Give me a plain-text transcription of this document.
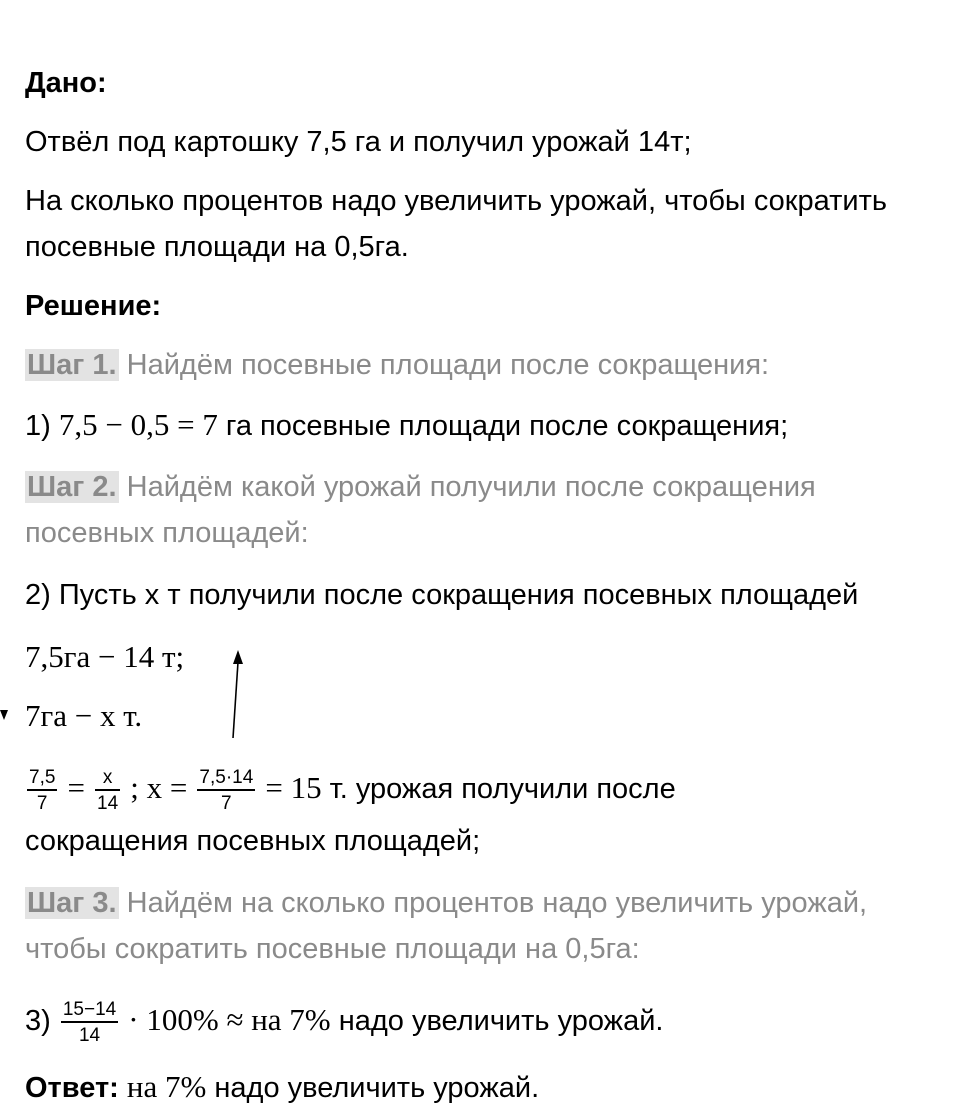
Дано:
Отвёл под картошку 7,5 га и получил урожай 14т;
На сколько процентов надо увеличить урожай, чтобы сократить
посевные площади на 0,5га.
Решение:
Шаг 1. Найдём посевные площади после сокращения:
1) 7,5 − 0,5 = 7 га посевные площади после сокращения;
Шаг 2. Найдём какой урожай получили после сокращения
посевных площадей:
2) Пусть х т получили после сокращения посевных площадей
7,5га − 14 т;
7га − х т.
$\frac{7,5}{7} = \frac{x}{14}$ ; $x = \frac{7,5\cdot 14}{7} = 15$ т. урожая получили после
сокращения посевных площадей;
Шаг 3. Найдём на сколько процентов надо увеличить урожай,
чтобы сократить посевные площади на 0,5га:
$3) \frac{15-14}{14} \cdot 100\%$ ≈ на 7% надо увеличить урожай.
Ответ: на 7% надо увеличить урожай.
